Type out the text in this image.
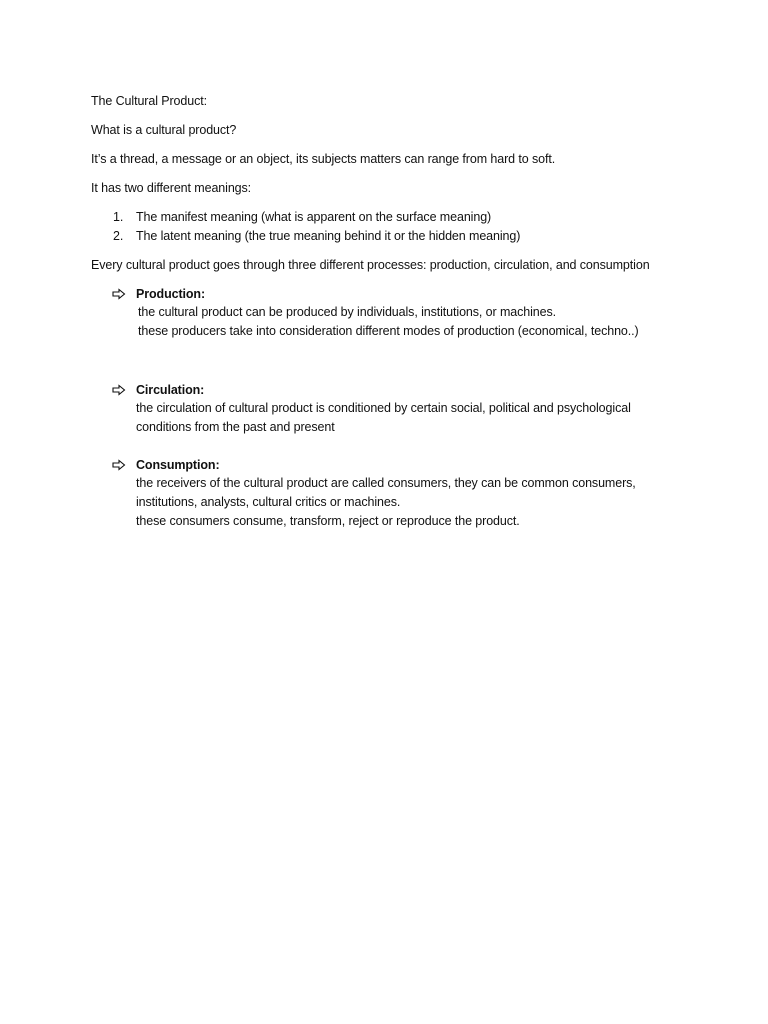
The Cultural Product:
What is a cultural product?
It’s a thread, a message or an object, its subjects matters can range from hard to soft.
It has two different meanings:
1.	The manifest meaning (what is apparent on the surface meaning)
2.	The latent meaning (the true meaning behind it or the hidden meaning)
Every cultural product goes through three different processes: production, circulation, and consumption
Production:
the cultural product can be produced by individuals, institutions, or machines.
these producers take into consideration different modes of production (economical, techno..)
Circulation:
the circulation of cultural product is conditioned by certain social, political and psychological
conditions from the past and present
Consumption:
the receivers of the cultural product are called consumers, they can be common consumers,
institutions, analysts, cultural critics or machines.
these consumers consume, transform, reject or reproduce the product.
